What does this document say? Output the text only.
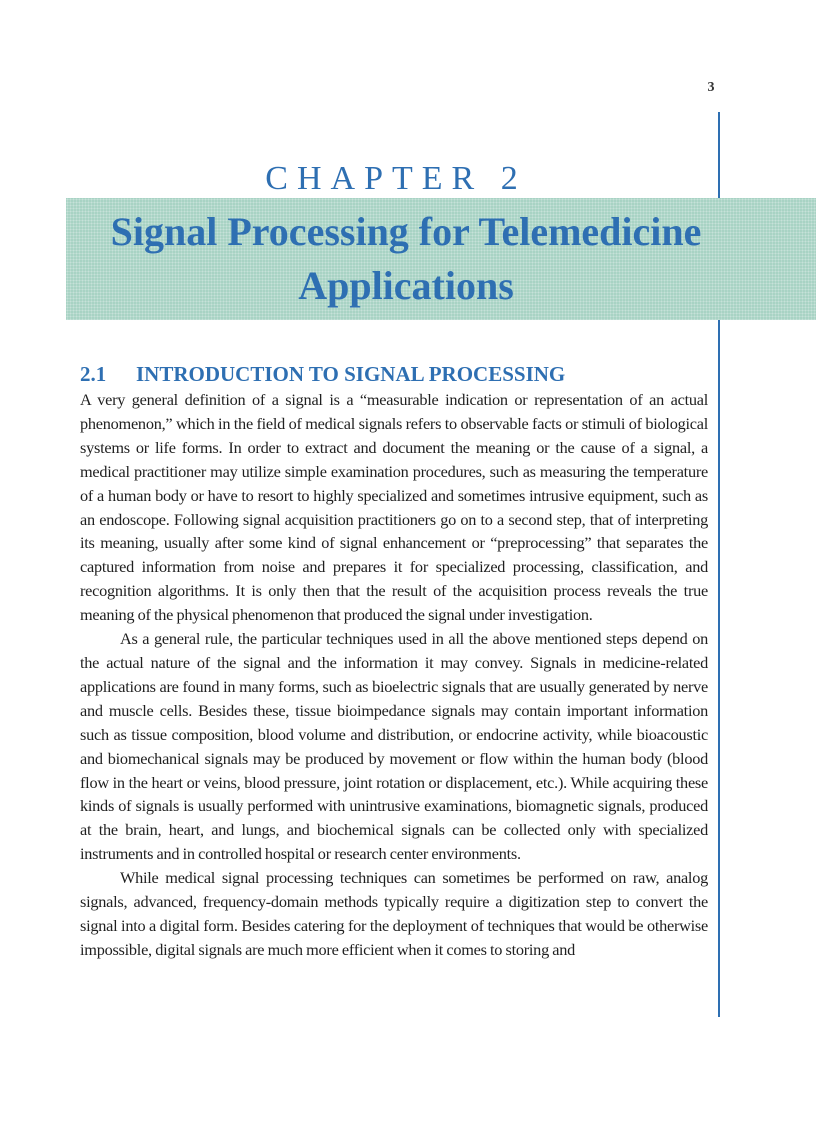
3
CHAPTER 2
Signal Processing for Telemedicine Applications
2.1 INTRODUCTION TO SIGNAL PROCESSING

A very general definition of a signal is a “measurable indication or representation of an actual phenomenon,” which in the field of medical signals refers to observable facts or stimuli of biological systems or life forms. In order to extract and document the meaning or the cause of a signal, a medical practitioner may utilize simple examination procedures, such as measuring the temperature of a human body or have to resort to highly specialized and sometimes intrusive equipment, such as an endoscope. Following signal acquisition practitioners go on to a second step, that of interpreting its meaning, usually after some kind of signal enhancement or “preprocessing” that separates the captured information from noise and prepares it for specialized processing, classification, and recognition algorithms. It is only then that the result of the acquisition process reveals the true meaning of the physical phenomenon that produced the signal under investigation.

As a general rule, the particular techniques used in all the above mentioned steps depend on the actual nature of the signal and the information it may convey. Signals in medicine-related applications are found in many forms, such as bioelectric signals that are usually generated by nerve and muscle cells. Besides these, tissue bioimpedance signals may contain important information such as tissue composition, blood volume and distribution, or endocrine activity, while bioacoustic and biomechanical signals may be produced by movement or flow within the human body (blood flow in the heart or veins, blood pressure, joint rotation or displacement, etc.). While acquiring these kinds of signals is usually performed with unintrusive examinations, biomagnetic signals, produced at the brain, heart, and lungs, and biochemical signals can be collected only with specialized instruments and in controlled hospital or research center environments.

While medical signal processing techniques can sometimes be performed on raw, analog signals, advanced, frequency-domain methods typically require a digitization step to convert the signal into a digital form. Besides catering for the deployment of techniques that would be otherwise impossible, digital signals are much more efficient when it comes to storing and
